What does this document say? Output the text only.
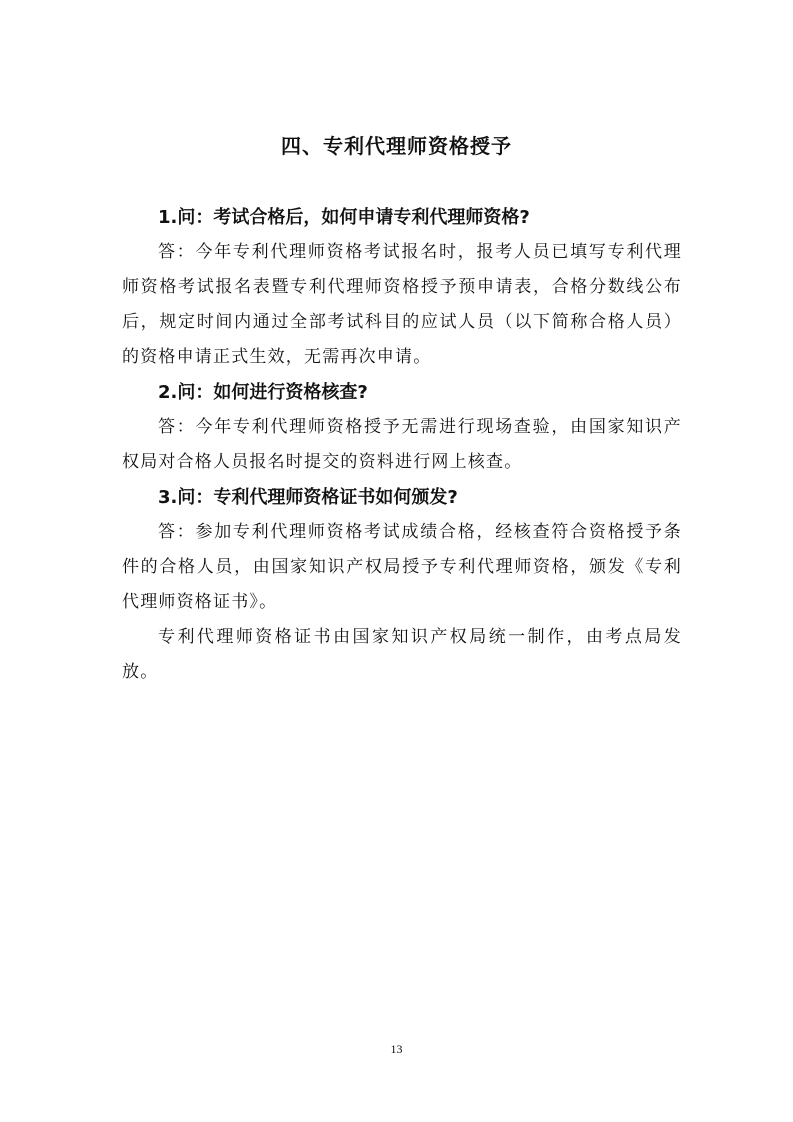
四、专利代理师资格授予

1.问：考试合格后，如何申请专利代理师资格?

答：今年专利代理师资格考试报名时，报考人员已填写专利代理师资格考试报名表暨专利代理师资格授予预申请表，合格分数线公布后，规定时间内通过全部考试科目的应试人员（以下简称合格人员）的资格申请正式生效，无需再次申请。

2.问：如何进行资格核查?

答：今年专利代理师资格授予无需进行现场查验，由国家知识产权局对合格人员报名时提交的资料进行网上核查。

3.问：专利代理师资格证书如何颁发?

答：参加专利代理师资格考试成绩合格，经核查符合资格授予条件的合格人员，由国家知识产权局授予专利代理师资格，颁发《专利代理师资格证书》。

专利代理师资格证书由国家知识产权局统一制作，由考点局发放。

13
